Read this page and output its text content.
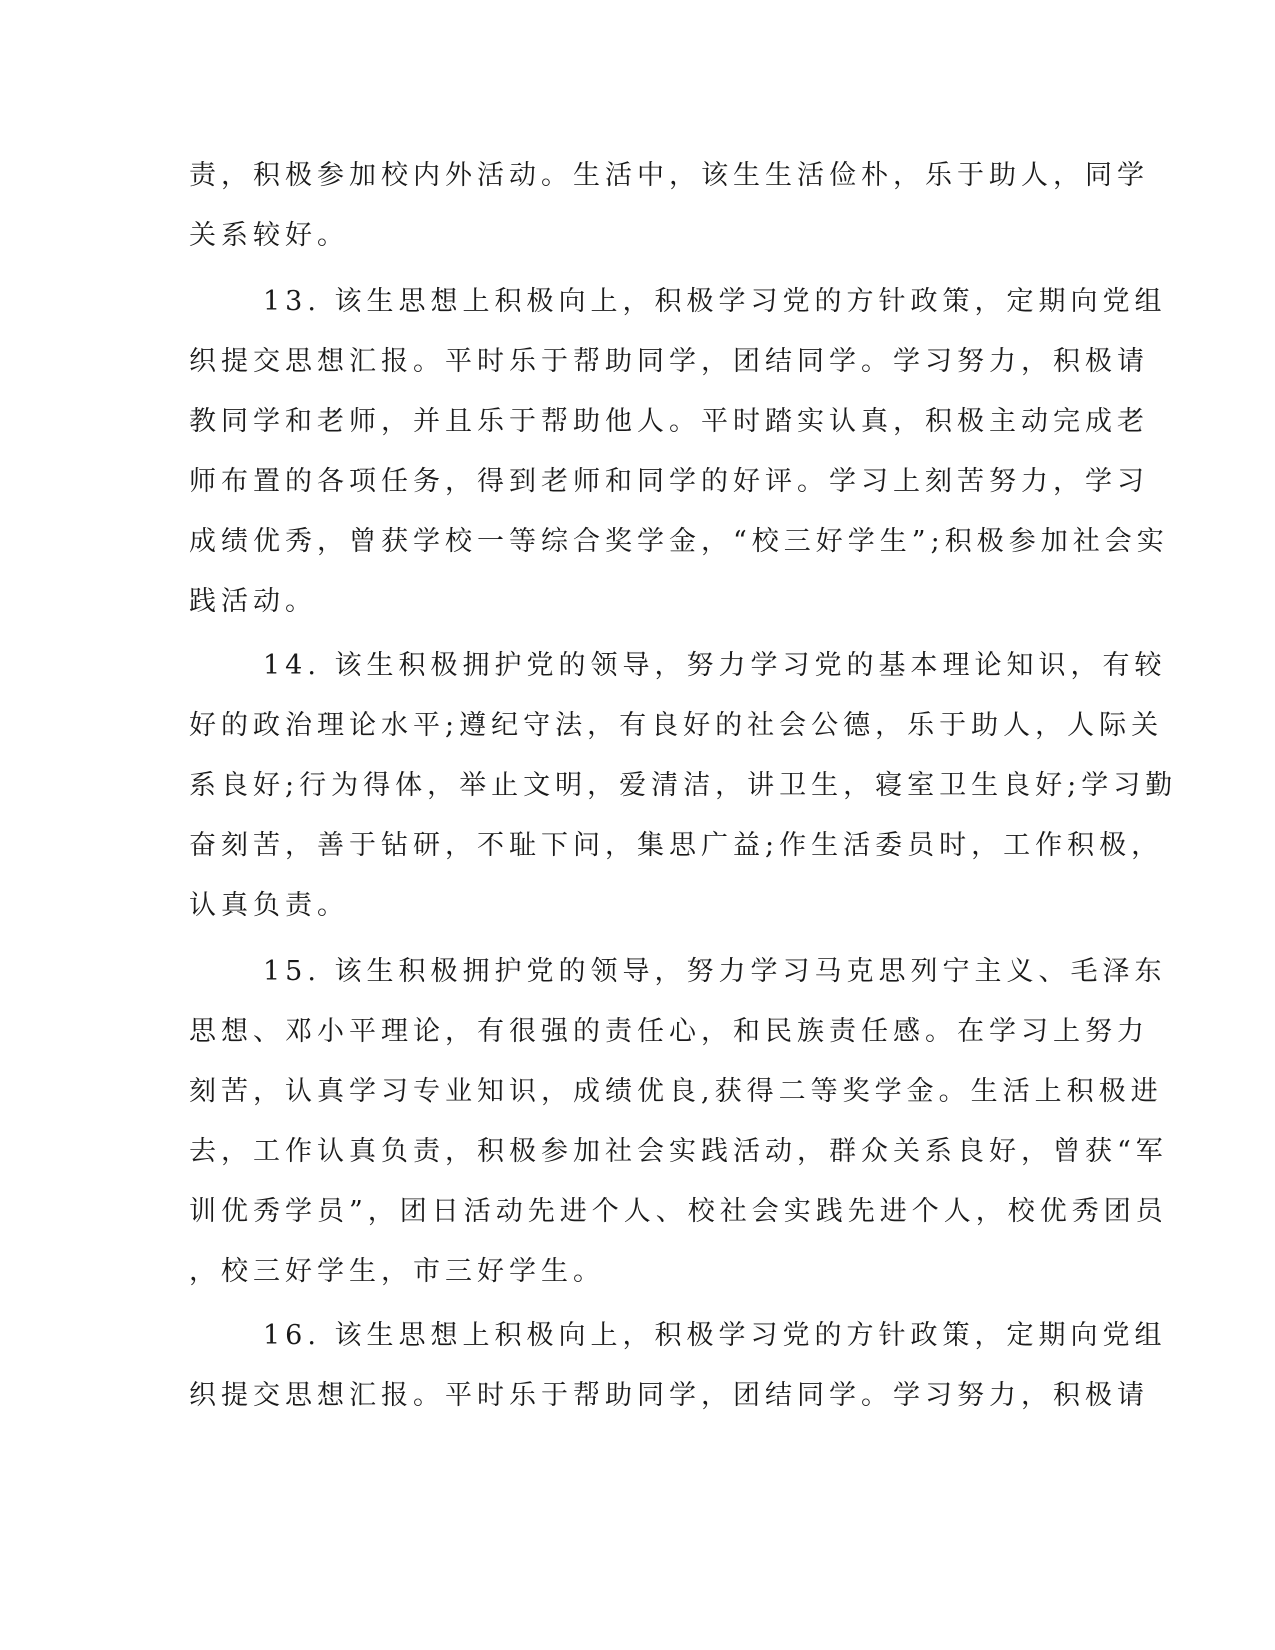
责，积极参加校内外活动。生活中，该生生活俭朴，乐于助人，同学
关系较好。
13. 该生思想上积极向上，积极学习党的方针政策，定期向党组
织提交思想汇报。平时乐于帮助同学，团结同学。学习努力，积极请
教同学和老师，并且乐于帮助他人。平时踏实认真，积极主动完成老
师布置的各项任务，得到老师和同学的好评。学习上刻苦努力，学习
成绩优秀，曾获学校一等综合奖学金，“校三好学生”;积极参加社会实
践活动。
14. 该生积极拥护党的领导，努力学习党的基本理论知识，有较
好的政治理论水平;遵纪守法，有良好的社会公德，乐于助人，人际关
系良好;行为得体，举止文明，爱清洁，讲卫生，寝室卫生良好;学习勤
奋刻苦，善于钻研，不耻下问，集思广益;作生活委员时，工作积极，
认真负责。
15. 该生积极拥护党的领导，努力学习马克思列宁主义、毛泽东
思想、邓小平理论，有很强的责任心，和民族责任感。在学习上努力
刻苦，认真学习专业知识，成绩优良,获得二等奖学金。生活上积极进
去，工作认真负责，积极参加社会实践活动，群众关系良好，曾获“军
训优秀学员”，团日活动先进个人、校社会实践先进个人，校优秀团员
，校三好学生，市三好学生。
16. 该生思想上积极向上，积极学习党的方针政策，定期向党组
织提交思想汇报。平时乐于帮助同学，团结同学。学习努力，积极请
